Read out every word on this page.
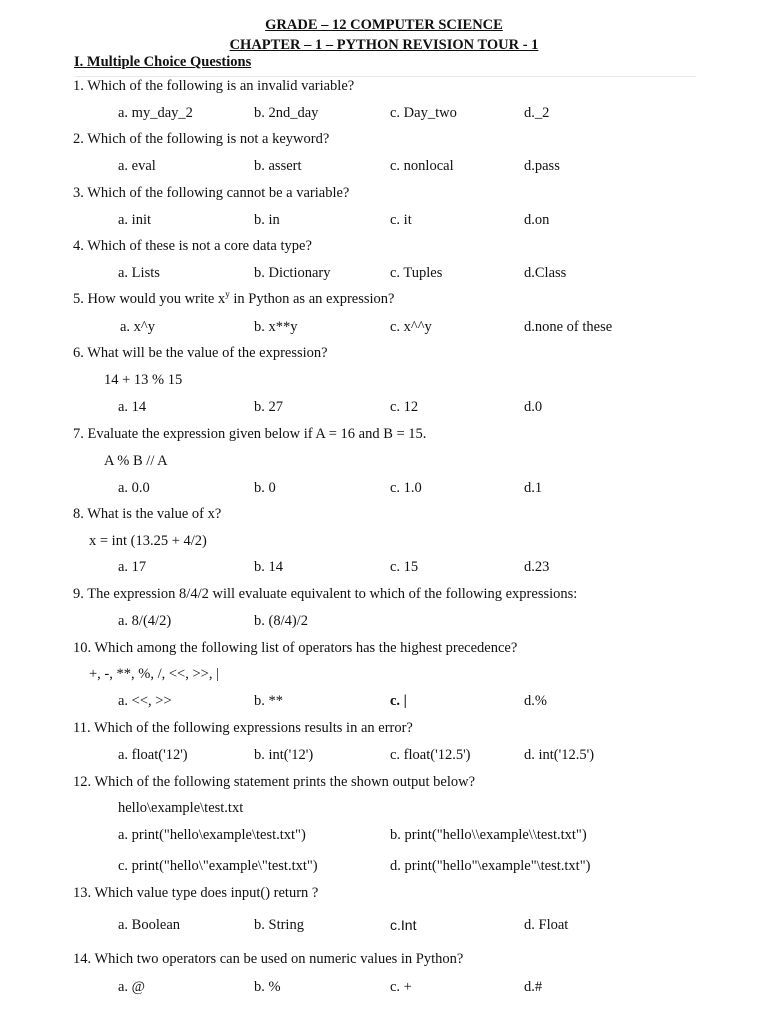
GRADE – 12 COMPUTER SCIENCE
CHAPTER – 1 – PYTHON REVISION TOUR - 1
I. Multiple Choice Questions
1. Which of the following is an invalid variable?
a. my_day_2	b. 2nd_day	c. Day_two	d._2
2. Which of the following is not a keyword?
a. eval	b. assert	c. nonlocal	d.pass
3. Which of the following cannot be a variable?
a. init	b. in	c. it	d.on
4. Which of these is not a core data type?
a. Lists	b. Dictionary	c. Tuples	d.Class
5. How would you write $x^y$ in Python as an expression?
a. x^y	b. x**y	c. x^^y	d.none of these
6. What will be the value of the expression?
14 + 13 % 15
a. 14	b. 27	c. 12	d.0
7. Evaluate the expression given below if A = 16 and B = 15.
A % B // A
a. 0.0	b. 0	c. 1.0	d.1
8. What is the value of x?
x = int (13.25 + 4/2)
a. 17	b. 14	c. 15	d.23
9. The expression 8/4/2 will evaluate equivalent to which of the following expressions:
a. 8/(4/2)	b. (8/4)/2
10. Which among the following list of operators has the highest precedence?
+, -, **, %, /, <<, >>, |
a. <<, >>	b. **	c. |	d.%
11. Which of the following expressions results in an error?
a. float('12')	b. int('12')	c. float('12.5')	d. int('12.5')
12. Which of the following statement prints the shown output below?
hello\example\test.txt
a. print("hello\example\test.txt")	b. print("hello\\example\\test.txt")
c. print("hello\"example\"test.txt")	d. print("hello"\example"\test.txt")
13. Which value type does input() return ?
a. Boolean	b. String	c.Int	d. Float
14. Which two operators can be used on numeric values in Python?
a. @	b. %	c. +	d.#
